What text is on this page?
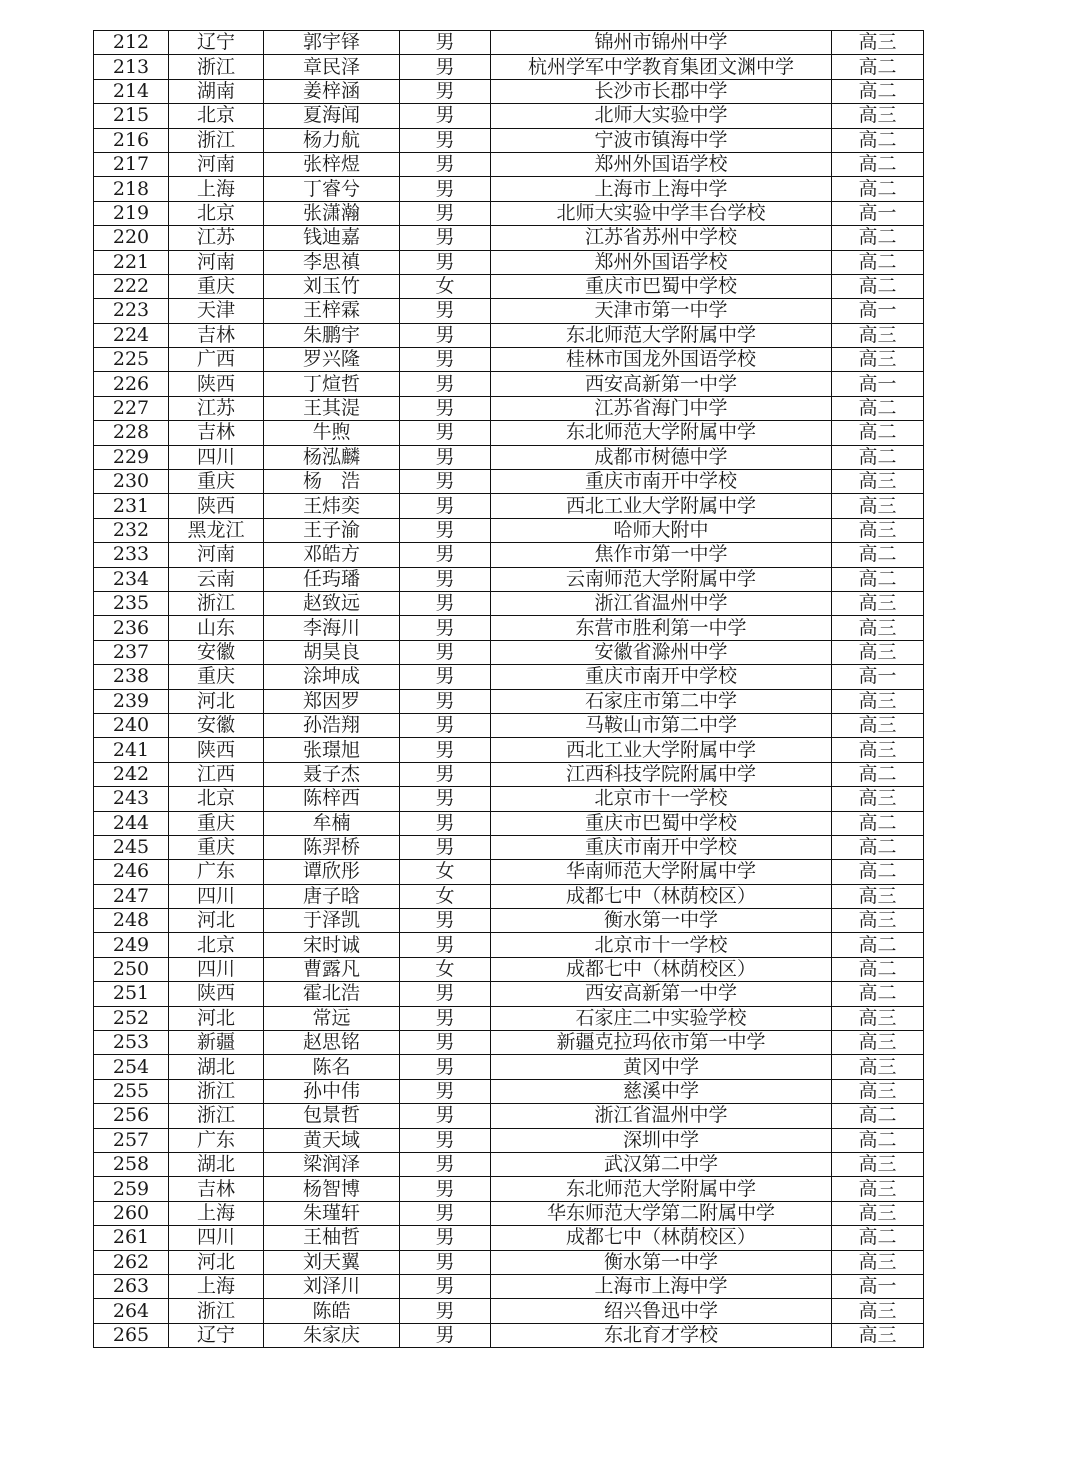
212	辽宁	郭宇铎	男	锦州市锦州中学	高三
213	浙江	章民泽	男	杭州学军中学教育集团文渊中学	高二
214	湖南	姜梓涵	男	长沙市长郡中学	高二
215	北京	夏海闻	男	北师大实验中学	高三
216	浙江	杨力航	男	宁波市镇海中学	高二
217	河南	张梓煜	男	郑州外国语学校	高二
218	上海	丁睿兮	男	上海市上海中学	高二
219	北京	张潇瀚	男	北师大实验中学丰台学校	高一
220	江苏	钱迪嘉	男	江苏省苏州中学校	高二
221	河南	李思禛	男	郑州外国语学校	高二
222	重庆	刘玉竹	女	重庆市巴蜀中学校	高二
223	天津	王梓霖	男	天津市第一中学	高一
224	吉林	朱鹏宇	男	东北师范大学附属中学	高三
225	广西	罗兴隆	男	桂林市国龙外国语学校	高三
226	陕西	丁煊哲	男	西安高新第一中学	高一
227	江苏	王其湜	男	江苏省海门中学	高二
228	吉林	牛煦	男	东北师范大学附属中学	高二
229	四川	杨泓麟	男	成都市树德中学	高二
230	重庆	杨　浩	男	重庆市南开中学校	高三
231	陕西	王炜奕	男	西北工业大学附属中学	高三
232	黑龙江	王子渝	男	哈师大附中	高三
233	河南	邓皓方	男	焦作市第一中学	高二
234	云南	任玙璠	男	云南师范大学附属中学	高二
235	浙江	赵致远	男	浙江省温州中学	高三
236	山东	李海川	男	东营市胜利第一中学	高三
237	安徽	胡昊良	男	安徽省滁州中学	高三
238	重庆	涂坤成	男	重庆市南开中学校	高一
239	河北	郑因罗	男	石家庄市第二中学	高三
240	安徽	孙浩翔	男	马鞍山市第二中学	高三
241	陕西	张璟旭	男	西北工业大学附属中学	高三
242	江西	聂子杰	男	江西科技学院附属中学	高二
243	北京	陈梓西	男	北京市十一学校	高三
244	重庆	牟楠	男	重庆市巴蜀中学校	高二
245	重庆	陈羿桥	男	重庆市南开中学校	高二
246	广东	谭欣彤	女	华南师范大学附属中学	高二
247	四川	唐子晗	女	成都七中（林荫校区）	高三
248	河北	于泽凯	男	衡水第一中学	高三
249	北京	宋时诚	男	北京市十一学校	高二
250	四川	曹露凡	女	成都七中（林荫校区）	高二
251	陕西	霍北浩	男	西安高新第一中学	高二
252	河北	常远	男	石家庄二中实验学校	高三
253	新疆	赵思铭	男	新疆克拉玛依市第一中学	高三
254	湖北	陈名	男	黄冈中学	高三
255	浙江	孙中伟	男	慈溪中学	高三
256	浙江	包景哲	男	浙江省温州中学	高二
257	广东	黄天域	男	深圳中学	高二
258	湖北	梁润泽	男	武汉第二中学	高三
259	吉林	杨智博	男	东北师范大学附属中学	高三
260	上海	朱瑾轩	男	华东师范大学第二附属中学	高三
261	四川	王柚哲	男	成都七中（林荫校区）	高二
262	河北	刘天翼	男	衡水第一中学	高三
263	上海	刘泽川	男	上海市上海中学	高一
264	浙江	陈皓	男	绍兴鲁迅中学	高三
265	辽宁	朱家庆	男	东北育才学校	高三
